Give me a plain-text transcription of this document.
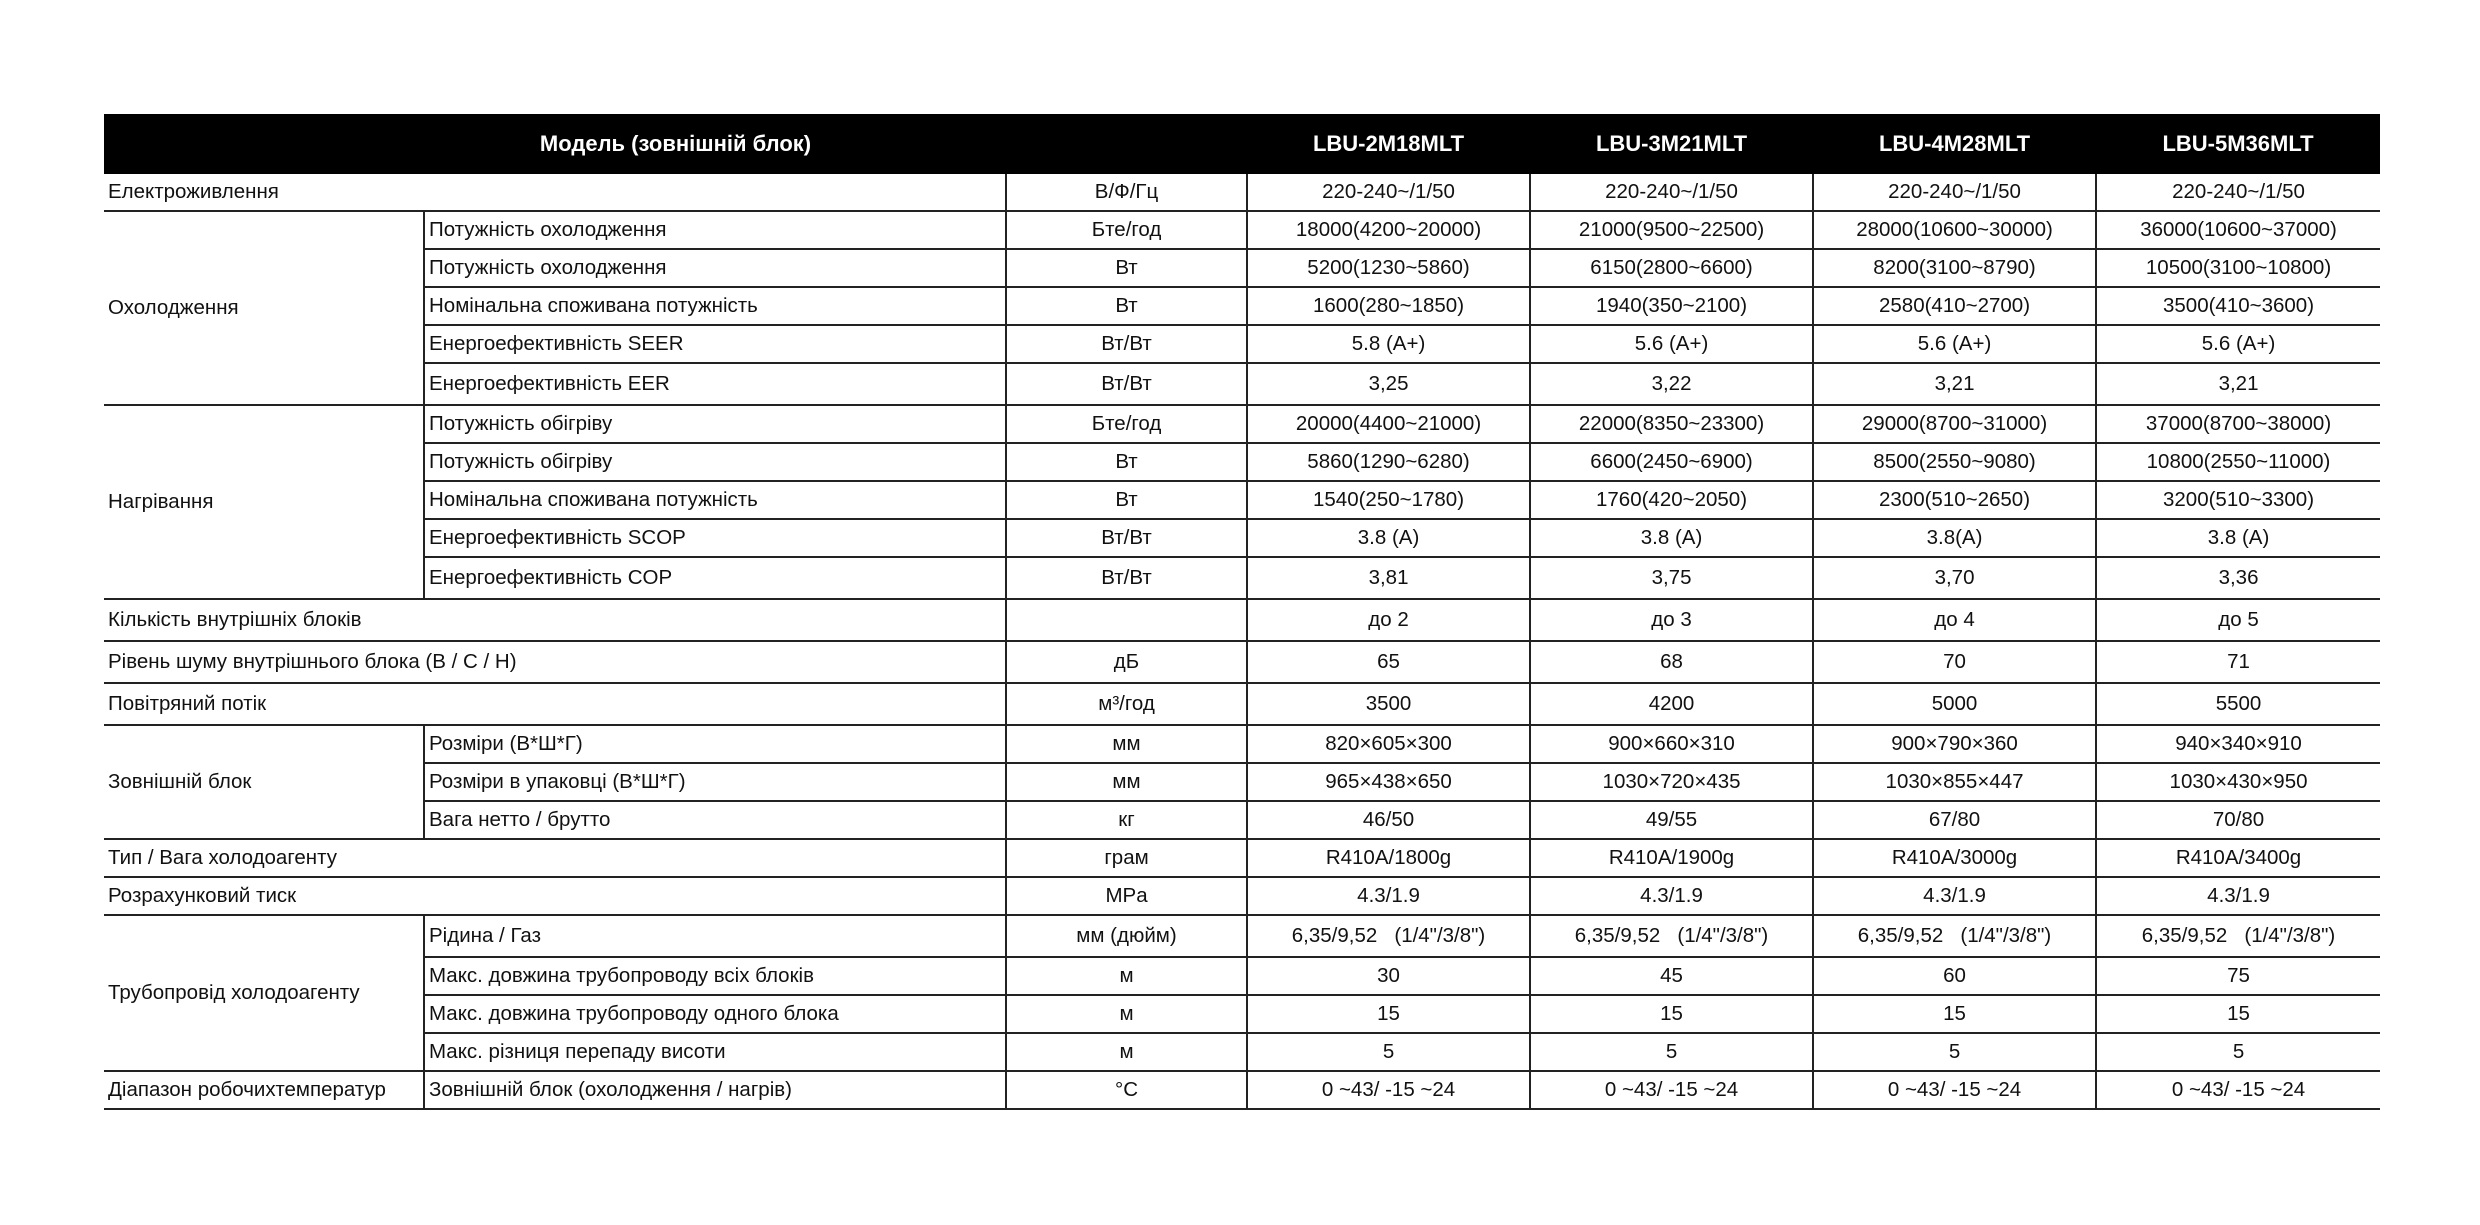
Модель (зовнішній блок)			LBU-2M18MLT	LBU-3M21MLT	LBU-4M28MLT	LBU-5M36MLT
Електроживлення		В/Ф/Гц	220-240~/1/50	220-240~/1/50	220-240~/1/50	220-240~/1/50
Охолодження	Потужність охолодження	Бте/год	18000(4200~20000)	21000(9500~22500)	28000(10600~30000)	36000(10600~37000)
	Потужність охолодження	Вт	5200(1230~5860)	6150(2800~6600)	8200(3100~8790)	10500(3100~10800)
	Номінальна споживана потужність	Вт	1600(280~1850)	1940(350~2100)	2580(410~2700)	3500(410~3600)
	Енергоефективність SEER	Вт/Вт	5.8 (А+)	5.6 (А+)	5.6 (А+)	5.6 (А+)
	Енергоефективність EER	Вт/Вт	3,25	3,22	3,21	3,21
Нагрівання	Потужність обігріву	Бте/год	20000(4400~21000)	22000(8350~23300)	29000(8700~31000)	37000(8700~38000)
	Потужність обігріву	Вт	5860(1290~6280)	6600(2450~6900)	8500(2550~9080)	10800(2550~11000)
	Номінальна споживана потужність	Вт	1540(250~1780)	1760(420~2050)	2300(510~2650)	3200(510~3300)
	Енергоефективність SCOP	Вт/Вт	3.8 (A)	3.8 (A)	3.8(A)	3.8 (A)
	Енергоефективність COP	Вт/Вт	3,81	3,75	3,70	3,36
Кількість внутрішніх блоків			до 2	до 3	до 4	до 5
Рівень шуму внутрішнього блока (В / С / Н)		дБ	65	68	70	71
Повітряний потік		м³/год	3500	4200	5000	5500
Зовнішній блок	Розміри (В*Ш*Г)	мм	820×605×300	900×660×310	900×790×360	940×340×910
	Розміри в упаковці (В*Ш*Г)	мм	965×438×650	1030×720×435	1030×855×447	1030×430×950
	Вага нетто / брутто	кг	46/50	49/55	67/80	70/80
Тип / Вага холодоагенту		грам	R410A/1800g	R410A/1900g	R410A/3000g	R410A/3400g
Розрахунковий тиск		MPa	4.3/1.9	4.3/1.9	4.3/1.9	4.3/1.9
Трубопровід холодоагенту	Рідина / Газ	мм (дюйм)	6,35/9,52   (1/4"/3/8")	6,35/9,52   (1/4"/3/8")	6,35/9,52   (1/4"/3/8")	6,35/9,52   (1/4"/3/8")
	Макс. довжина трубопроводу всіх блоків	м	30	45	60	75
	Макс. довжина трубопроводу одного блока	м	15	15	15	15
	Макс. різниця перепаду висоти	м	5	5	5	5
Діапазон робочихтемператур	Зовнішній блок (охолодження / нагрів)	°С	0 ~43/ -15 ~24	0 ~43/ -15 ~24	0 ~43/ -15 ~24	0 ~43/ -15 ~24
